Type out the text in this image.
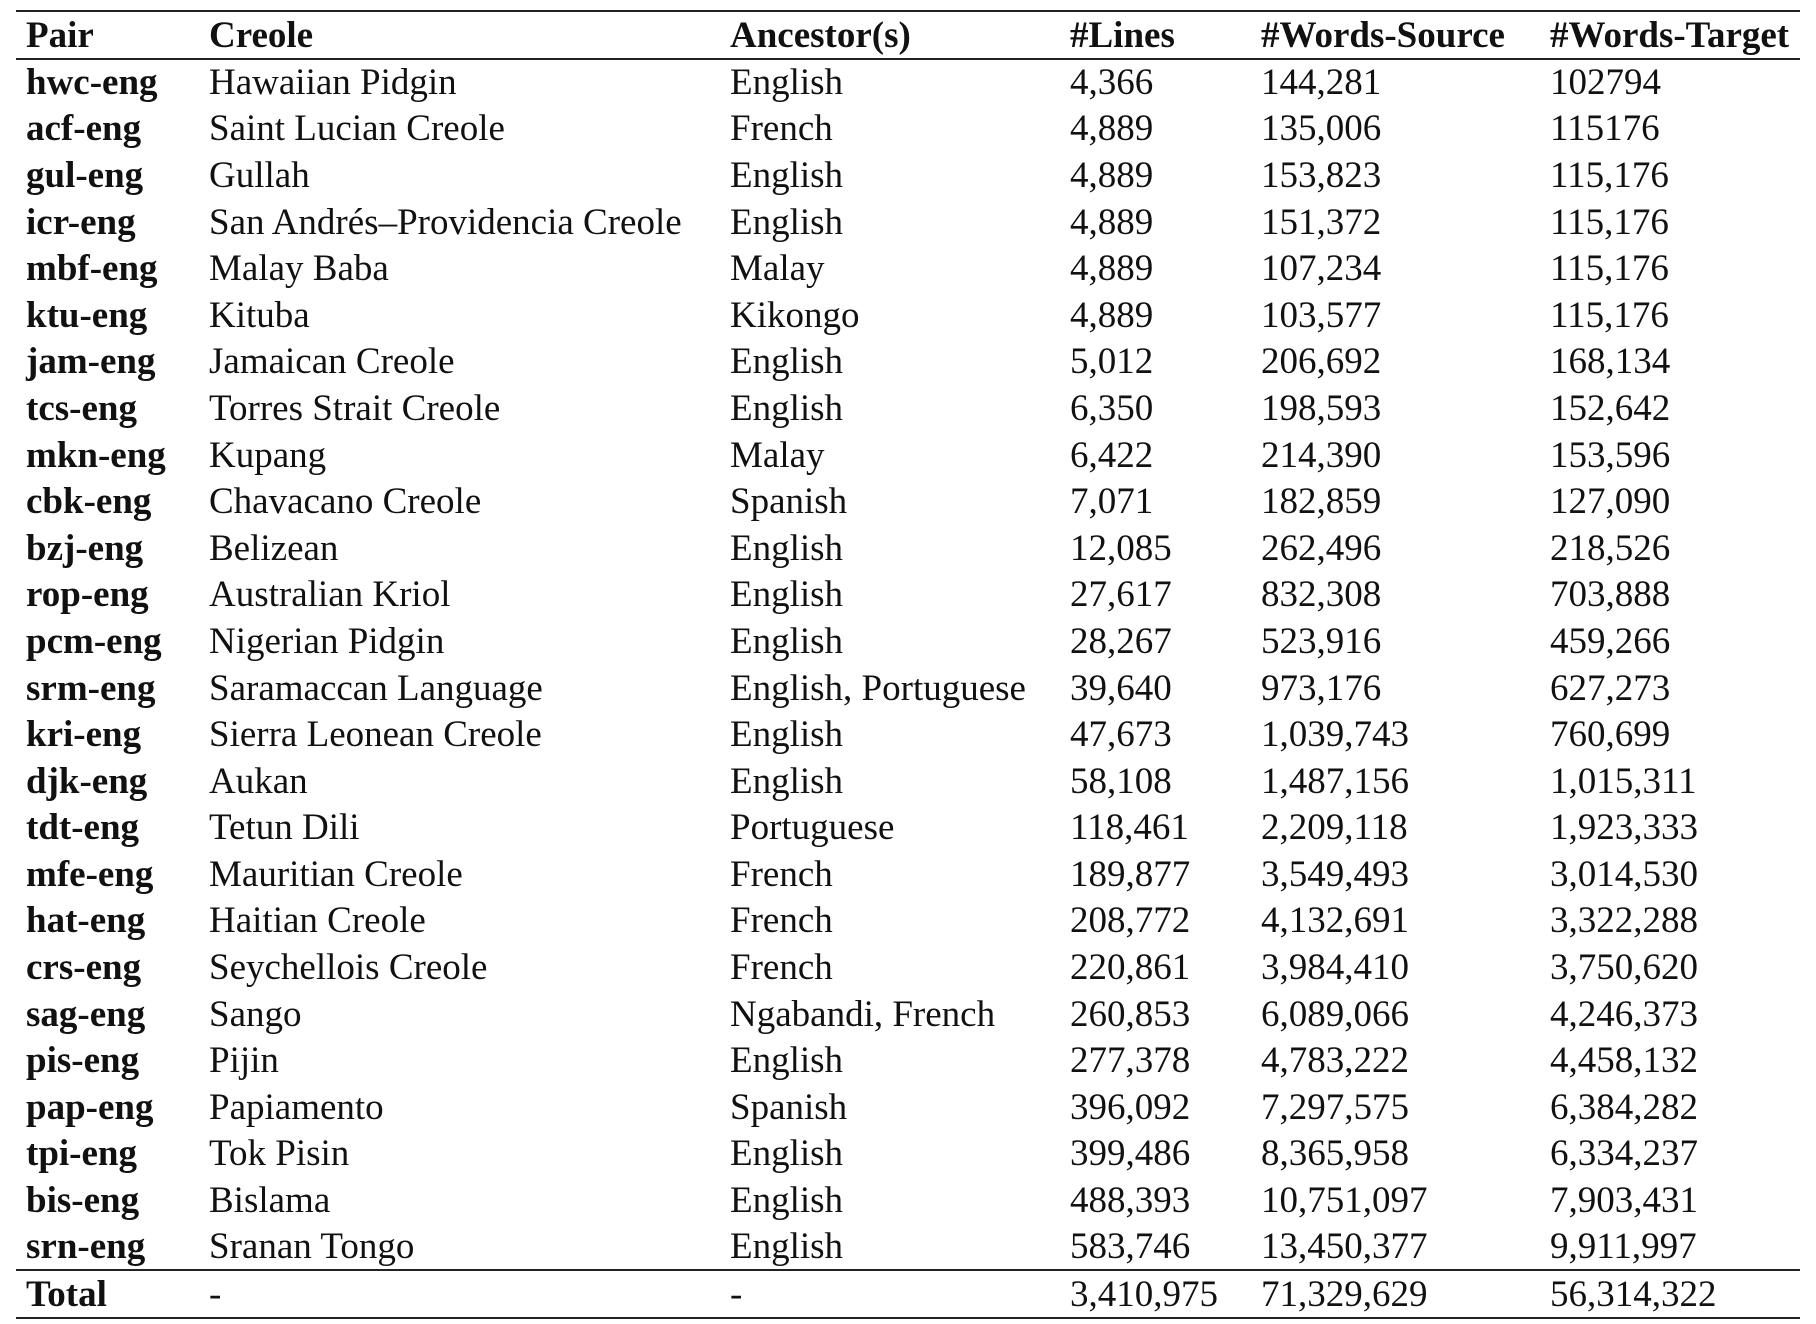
Pair	Creole	Ancestor(s)	#Lines	#Words-Source	#Words-Target
hwc-eng	Hawaiian Pidgin	English	4,366	144,281	102794
acf-eng	Saint Lucian Creole	French	4,889	135,006	115176
gul-eng	Gullah	English	4,889	153,823	115,176
icr-eng	San Andrés–Providencia Creole	English	4,889	151,372	115,176
mbf-eng	Malay Baba	Malay	4,889	107,234	115,176
ktu-eng	Kituba	Kikongo	4,889	103,577	115,176
jam-eng	Jamaican Creole	English	5,012	206,692	168,134
tcs-eng	Torres Strait Creole	English	6,350	198,593	152,642
mkn-eng	Kupang	Malay	6,422	214,390	153,596
cbk-eng	Chavacano Creole	Spanish	7,071	182,859	127,090
bzj-eng	Belizean	English	12,085	262,496	218,526
rop-eng	Australian Kriol	English	27,617	832,308	703,888
pcm-eng	Nigerian Pidgin	English	28,267	523,916	459,266
srm-eng	Saramaccan Language	English, Portuguese	39,640	973,176	627,273
kri-eng	Sierra Leonean Creole	English	47,673	1,039,743	760,699
djk-eng	Aukan	English	58,108	1,487,156	1,015,311
tdt-eng	Tetun Dili	Portuguese	118,461	2,209,118	1,923,333
mfe-eng	Mauritian Creole	French	189,877	3,549,493	3,014,530
hat-eng	Haitian Creole	French	208,772	4,132,691	3,322,288
crs-eng	Seychellois Creole	French	220,861	3,984,410	3,750,620
sag-eng	Sango	Ngabandi, French	260,853	6,089,066	4,246,373
pis-eng	Pijin	English	277,378	4,783,222	4,458,132
pap-eng	Papiamento	Spanish	396,092	7,297,575	6,384,282
tpi-eng	Tok Pisin	English	399,486	8,365,958	6,334,237
bis-eng	Bislama	English	488,393	10,751,097	7,903,431
srn-eng	Sranan Tongo	English	583,746	13,450,377	9,911,997
Total	-	-	3,410,975	71,329,629	56,314,322
